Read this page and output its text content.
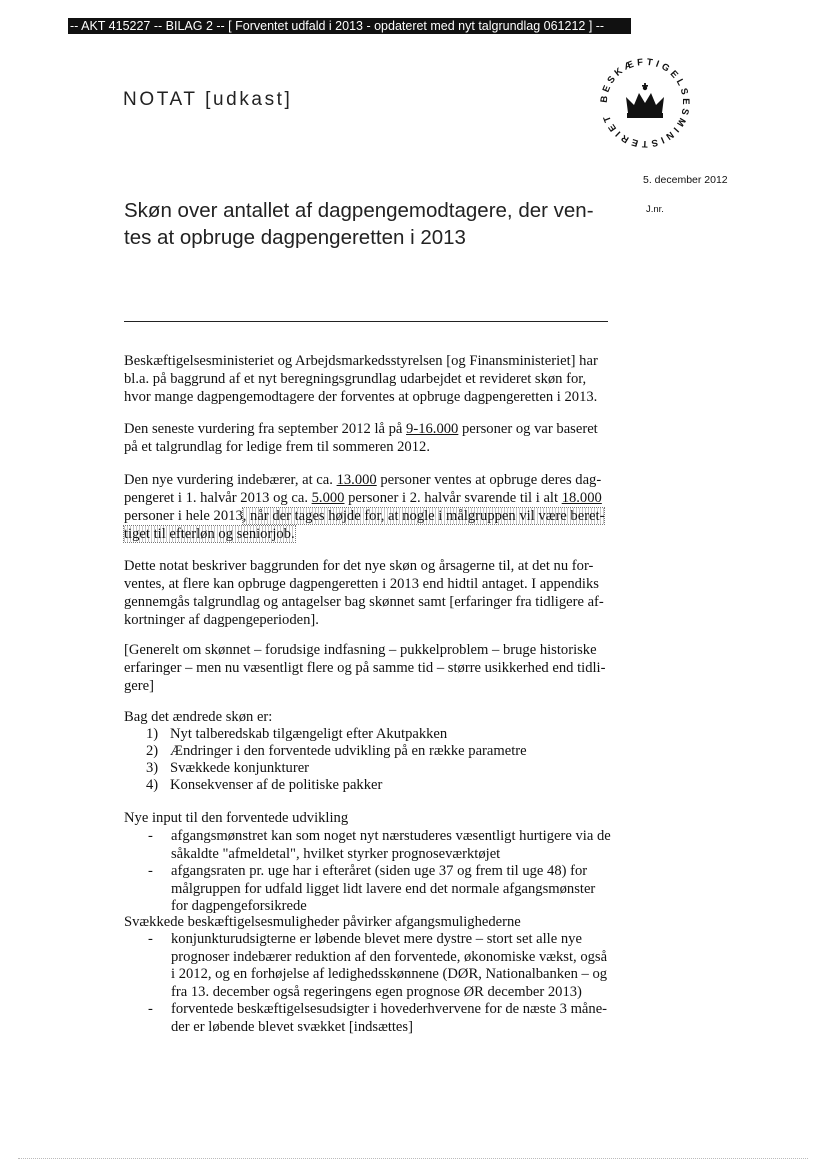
-- AKT 415227 -- BILAG 2 -- [ Forventet udfald i 2013 - opdateret med nyt talgrundlag 061212 ] --
NOTAT [udkast]	BESKÆFTIGELSESMINISTERIET
5. december 2012
J.nr.
Skøn over antallet af dagpengemodtagere, der ven-
tes at opbruge dagpengeretten i 2013

Beskæftigelsesministeriet og Arbejdsmarkedsstyrelsen [og Finansministeriet] har
bl.a. på baggrund af et nyt beregningsgrundlag udarbejdet et revideret skøn for,
hvor mange dagpengemodtagere der forventes at opbruge dagpengeretten i 2013.

Den seneste vurdering fra september 2012 lå på 9-16.000 personer og var baseret
på et talgrundlag for ledige frem til sommeren 2012.

Den nye vurdering indebærer, at ca. 13.000 personer ventes at opbruge deres dag-
pengeret i 1. halvår 2013 og ca. 5.000 personer i 2. halvår svarende til i alt 18.000
personer i hele 2013, når der tages højde for, at nogle i målgruppen vil være beret-
tiget til efterløn og seniorjob.

Dette notat beskriver baggrunden for det nye skøn og årsagerne til, at det nu for-
ventes, at flere kan opbruge dagpengeretten i 2013 end hidtil antaget. I appendiks
gennemgås talgrundlag og antagelser bag skønnet samt [erfaringer fra tidligere af-
kortninger af dagpengeperioden].

[Generelt om skønnet – forudsige indfasning – pukkelproblem – bruge historiske
erfaringer – men nu væsentligt flere og på samme tid – større usikkerhed end tidli-
gere]

Bag det ændrede skøn er:
1) Nyt talberedskab tilgængeligt efter Akutpakken
2) Ændringer i den forventede udvikling på en række parametre
3) Svækkede konjunkturer
4) Konsekvenser af de politiske pakker
Nye input til den forventede udvikling
- afgangsmønstret kan som noget nyt nærstuderes væsentligt hurtigere via de
såkaldte "afmeldetal", hvilket styrker prognoseværktøjet
- afgangsraten pr. uge har i efteråret (siden uge 37 og frem til uge 48) for
målgruppen for udfald ligget lidt lavere end det normale afgangsmønster
for dagpengeforsikrede
Svækkede beskæftigelsesmuligheder påvirker afgangsmulighederne
- konjunkturudsigterne er løbende blevet mere dystre – stort set alle nye
prognoser indebærer reduktion af den forventede, økonomiske vækst, også
i 2012, og en forhøjelse af ledighedsskønnene (DØR, Nationalbanken – og
fra 13. december også regeringens egen prognose ØR december 2013)
- forventede beskæftigelsesudsigter i hovederhvervene for de næste 3 måne-
der er løbende blevet svækket [indsættes]
